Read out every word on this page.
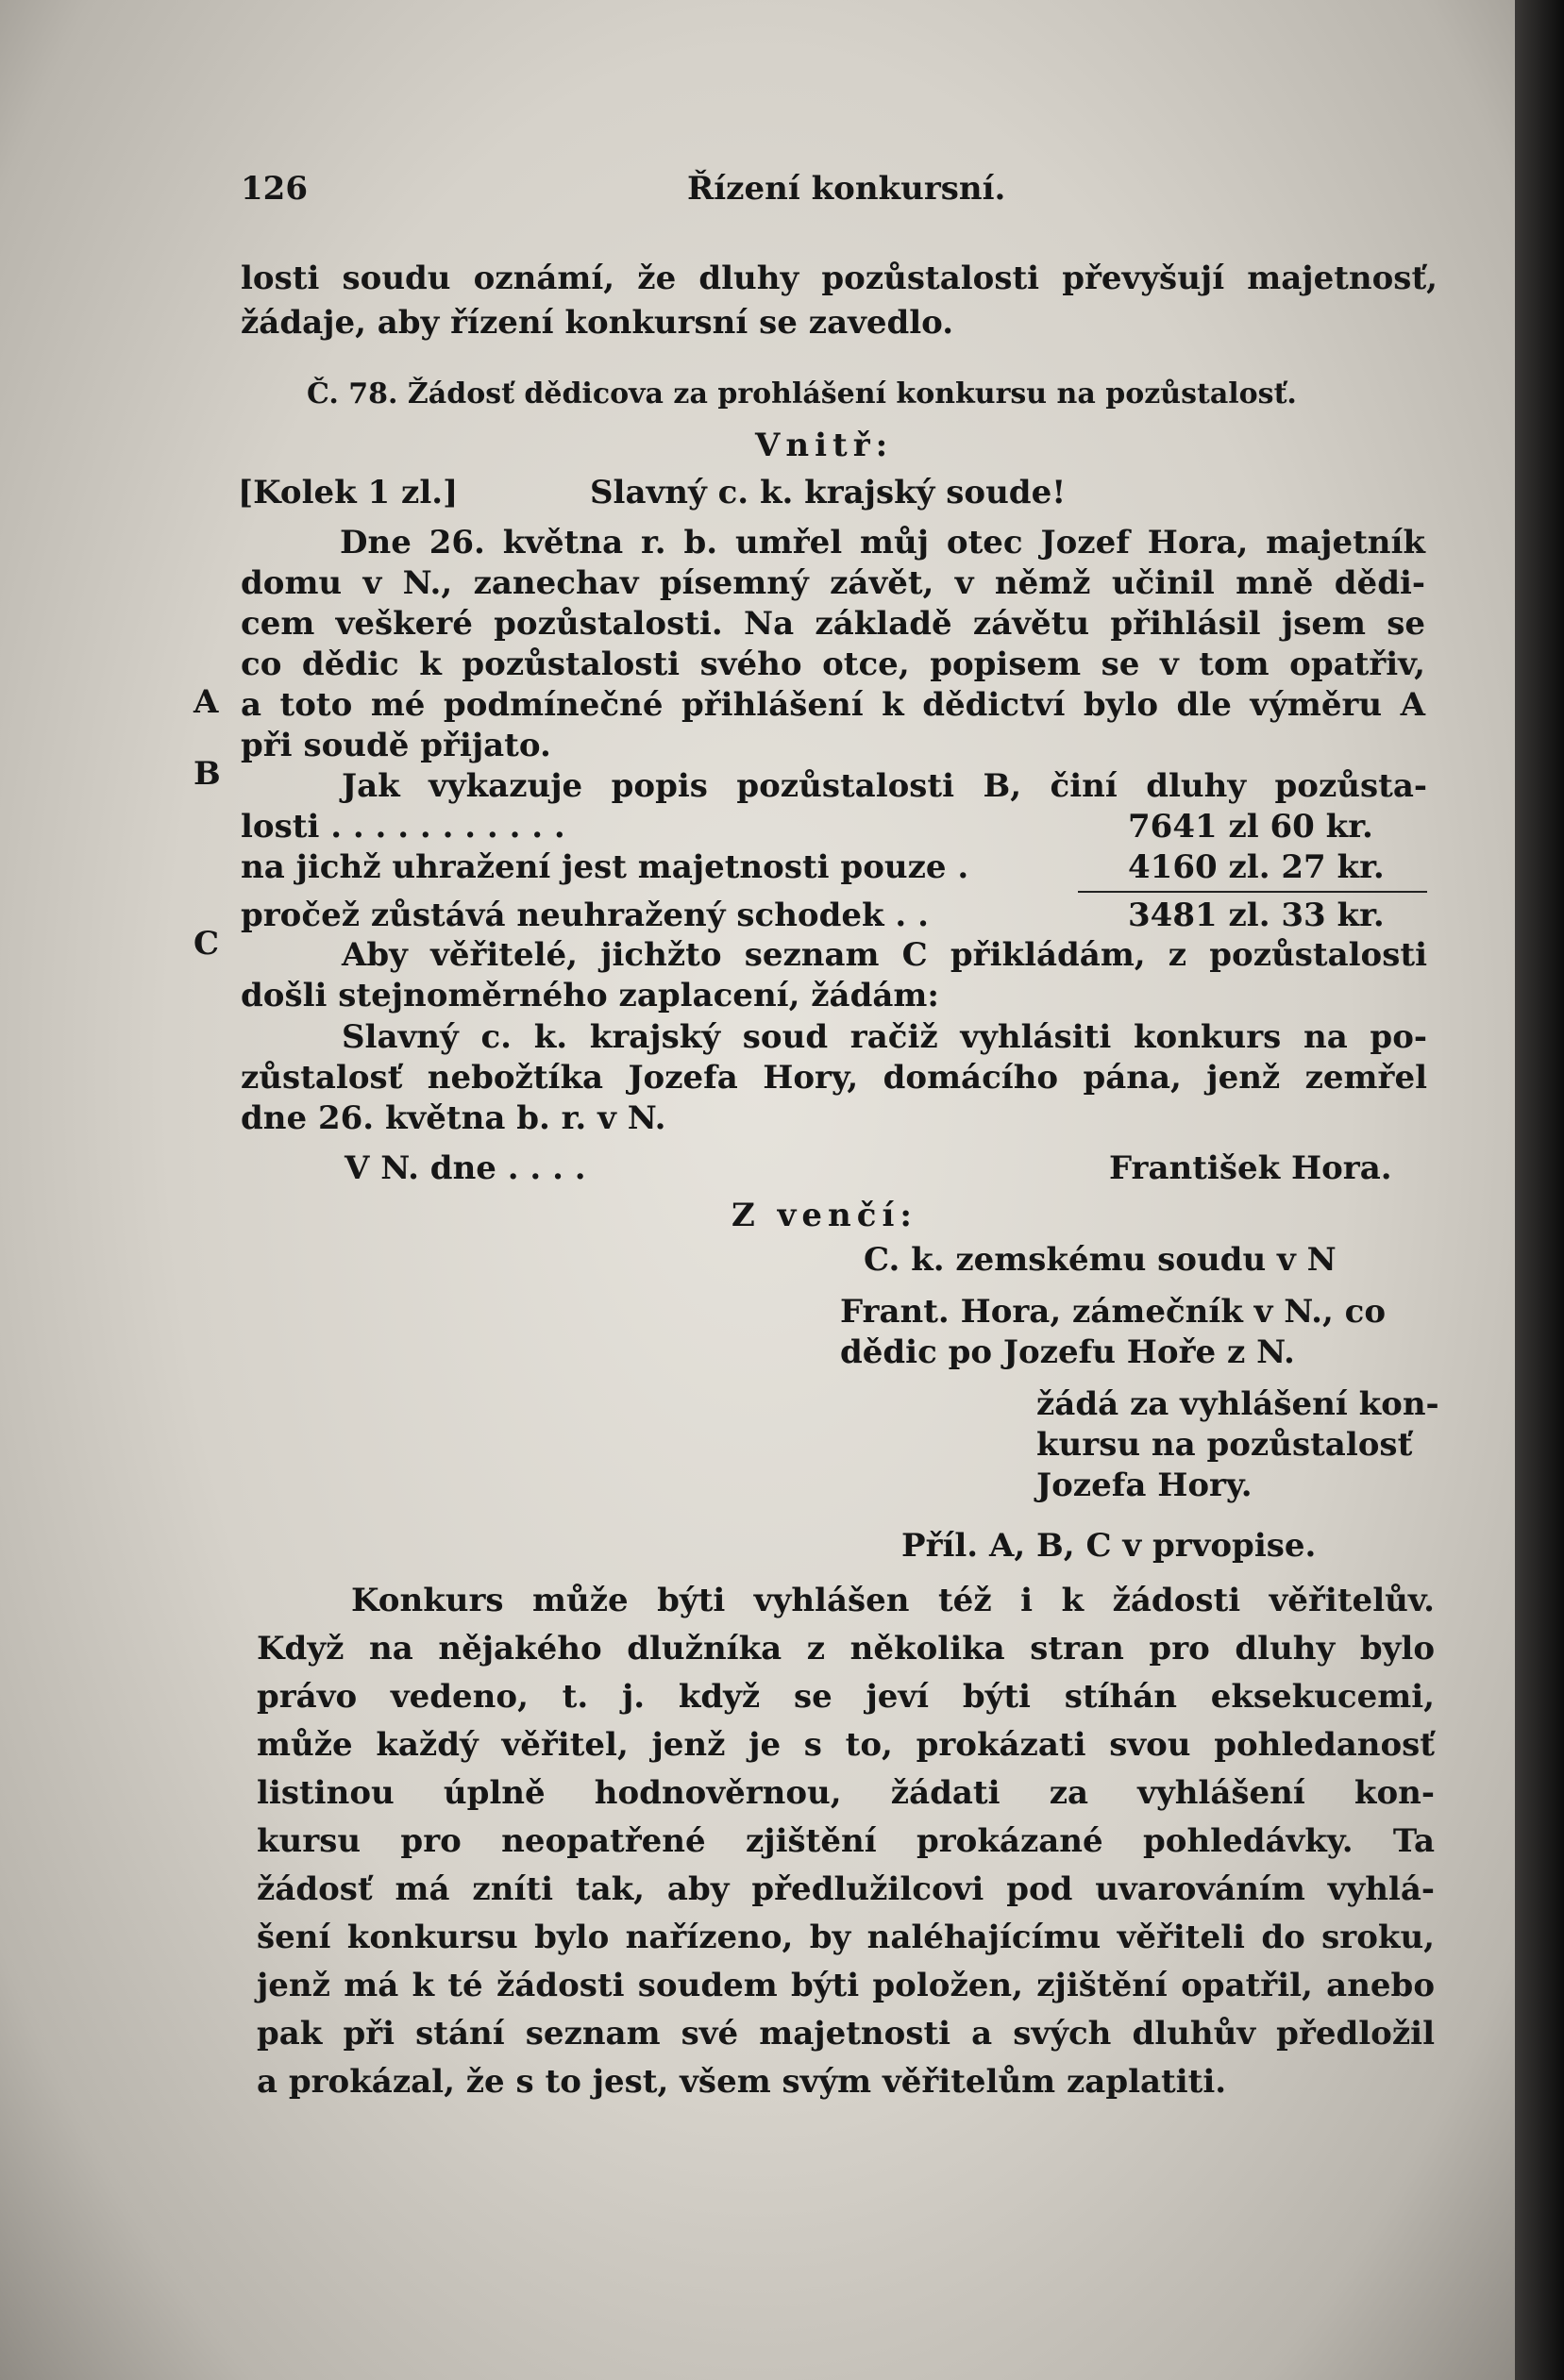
126	Řízení konkursní.
losti soudu oznámí, že dluhy pozůstalosti převyšují majetnosť,
žádaje, aby řízení konkursní se zavedlo.
Č. 78. Žádosť dědicova za prohlášení konkursu na pozůstalosť.
Vnitř:
[Kolek 1 zl.]	Slavný c. k. krajský soude!
Dne 26. května r. b. umřel můj otec Jozef Hora, majetník
domu v N., zanechav písemný závět, v němž učinil mně dědi-
cem veškeré pozůstalosti. Na základě závětu přihlásil jsem se
co dědic k pozůstalosti svého otce, popisem se v tom opatřiv,
a toto mé podmínečné přihlášení k dědictví bylo dle výměru A
při soudě přijato.
A
B
C
Jak vykazuje popis pozůstalosti B, činí dluhy pozůsta-
losti . . . . . . . . . . .	7641 zl 60 kr.
na jichž uhražení jest majetnosti pouze .	4160 zl. 27 kr.
pročež zůstává neuhražený schodek . .	3481 zl. 33 kr.
Aby věřitelé, jichžto seznam C přikládám, z pozůstalosti
došli stejnoměrného zaplacení, žádám:
Slavný c. k. krajský soud račiž vyhlásiti konkurs na po-
zůstalosť nebožtíka Jozefa Hory, domácího pána, jenž zemřel
dne 26. května b. r. v N.
V N. dne . . . .	František Hora.
Z venčí:
C. k. zemskému soudu v N
Frant. Hora, zámečník v N., co
dědic po Jozefu Hoře z N.
žádá za vyhlášení kon-
kursu na pozůstalosť
Jozefa Hory.
Příl. A, B, C v prvopise.
Konkurs může býti vyhlášen též i k žádosti věřitelův.
Když na nějakého dlužníka z několika stran pro dluhy bylo
právo vedeno, t. j. když se jeví býti stíhán eksekucemi,
může každý věřitel, jenž je s to, prokázati svou pohledanosť
listinou úplně hodnověrnou, žádati za vyhlášení kon-
kursu pro neopatřené zjištění prokázané pohledávky. Ta
žádosť má zníti tak, aby předlužilcovi pod uvarováním vyhlá-
šení konkursu bylo nařízeno, by naléhajícímu věřiteli do sroku,
jenž má k té žádosti soudem býti položen, zjištění opatřil, anebo
pak při stání seznam své majetnosti a svých dluhův předložil
a prokázal, že s to jest, všem svým věřitelům zaplatiti.
